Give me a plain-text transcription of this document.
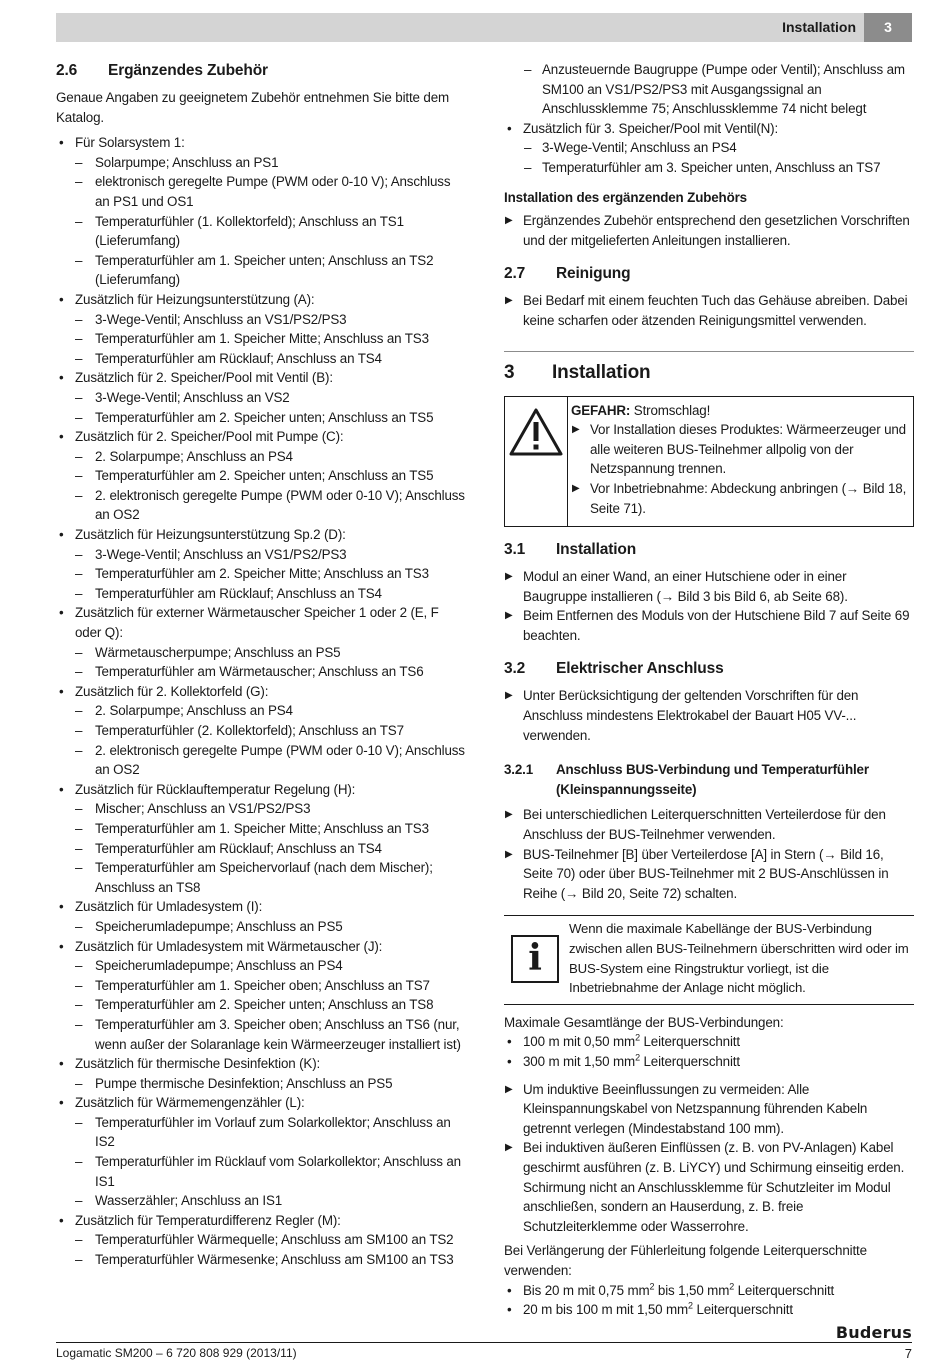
Installation	3
2.6 Ergänzendes Zubehör

Genaue Angaben zu geeignetem Zubehör entnehmen Sie bitte dem Katalog.

• Für Solarsystem 1:
– Solarpumpe; Anschluss an PS1
– elektronisch geregelte Pumpe (PWM oder 0-10 V); Anschluss an PS1 und OS1
– Temperaturfühler (1. Kollektorfeld); Anschluss an TS1 (Lieferumfang)
– Temperaturfühler am 1. Speicher unten; Anschluss an TS2 (Lieferumfang)
• Zusätzlich für Heizungsunterstützung (A):
– 3-Wege-Ventil; Anschluss an VS1/PS2/PS3
– Temperaturfühler am 1. Speicher Mitte; Anschluss an TS3
– Temperaturfühler am Rücklauf; Anschluss an TS4
• Zusätzlich für 2. Speicher/Pool mit Ventil (B):
– 3-Wege-Ventil; Anschluss an VS2
– Temperaturfühler am 2. Speicher unten; Anschluss an TS5
• Zusätzlich für 2. Speicher/Pool mit Pumpe (C):
– 2. Solarpumpe; Anschluss an PS4
– Temperaturfühler am 2. Speicher unten; Anschluss an TS5
– 2. elektronisch geregelte Pumpe (PWM oder 0-10 V); Anschluss an OS2
• Zusätzlich für Heizungsunterstützung Sp.2 (D):
– 3-Wege-Ventil; Anschluss an VS1/PS2/PS3
– Temperaturfühler am 2. Speicher Mitte; Anschluss an TS3
– Temperaturfühler am Rücklauf; Anschluss an TS4
• Zusätzlich für externer Wärmetauscher Speicher 1 oder 2 (E, F oder Q):
– Wärmetauscherpumpe; Anschluss an PS5
– Temperaturfühler am Wärmetauscher; Anschluss an TS6
• Zusätzlich für 2. Kollektorfeld (G):
– 2. Solarpumpe; Anschluss an PS4
– Temperaturfühler (2. Kollektorfeld); Anschluss an TS7
– 2. elektronisch geregelte Pumpe (PWM oder 0-10 V); Anschluss an OS2
• Zusätzlich für Rücklauftemperatur Regelung (H):
– Mischer; Anschluss an VS1/PS2/PS3
– Temperaturfühler am 1. Speicher Mitte; Anschluss an TS3
– Temperaturfühler am Rücklauf; Anschluss an TS4
– Temperaturfühler am Speichervorlauf (nach dem Mischer); Anschluss an TS8
• Zusätzlich für Umladesystem (I):
– Speicherumladepumpe; Anschluss an PS5
• Zusätzlich für Umladesystem mit Wärmetauscher (J):
– Speicherumladepumpe; Anschluss an PS4
– Temperaturfühler am 1. Speicher oben; Anschluss an TS7
– Temperaturfühler am 2. Speicher unten; Anschluss an TS8
– Temperaturfühler am 3. Speicher oben; Anschluss an TS6 (nur, wenn außer der Solaranlage kein Wärmeerzeuger installiert ist)
• Zusätzlich für thermische Desinfektion (K):
– Pumpe thermische Desinfektion; Anschluss an PS5
• Zusätzlich für Wärmemengenzähler (L):
– Temperaturfühler im Vorlauf zum Solarkollektor; Anschluss an IS2
– Temperaturfühler im Rücklauf vom Solarkollektor; Anschluss an IS1
– Wasserzähler; Anschluss an IS1
• Zusätzlich für Temperaturdifferenz Regler (M):
– Temperaturfühler Wärmequelle; Anschluss am SM100 an TS2
– Temperaturfühler Wärmesenke; Anschluss am SM100 an TS3
– Anzusteuernde Baugruppe (Pumpe oder Ventil); Anschluss am SM100 an VS1/PS2/PS3 mit Ausgangssignal an Anschlussklemme 75; Anschlussklemme 74 nicht belegt
• Zusätzlich für 3. Speicher/Pool mit Ventil(N):
– 3-Wege-Ventil; Anschluss an PS4
– Temperaturfühler am 3. Speicher unten, Anschluss an TS7

Installation des ergänzenden Zubehörs

▶ Ergänzendes Zubehör entsprechend den gesetzlichen Vorschriften und der mitgelieferten Anleitungen installieren.
2.7 Reinigung
▶ Bei Bedarf mit einem feuchten Tuch das Gehäuse abreiben. Dabei keine scharfen oder ätzenden Reinigungsmittel verwenden.
3 Installation

GEFAHR: Stromschlag!

▶ Vor Installation dieses Produktes: Wärmeerzeuger und alle weiteren BUS-Teilnehmer allpolig von der Netzspannung trennen.
▶ Vor Inbetriebnahme: Abdeckung anbringen (→ Bild 18, Seite 71).
3.1 Installation
▶ Modul an einer Wand, an einer Hutschiene oder in einer Baugruppe installieren (→ Bild 3 bis Bild 6, ab Seite 68).
▶ Beim Entfernen des Moduls von der Hutschiene Bild 7 auf Seite 69 beachten.
3.2 Elektrischer Anschluss
▶ Unter Berücksichtigung der geltenden Vorschriften für den Anschluss mindestens Elektrokabel der Bauart H05 VV-... verwenden.
3.2.1	Anschluss BUS-Verbindung und Temperaturfühler (Kleinspannungsseite)
▶ Bei unterschiedlichen Leiterquerschnitten Verteilerdose für den Anschluss der BUS-Teilnehmer verwenden.
▶ BUS-Teilnehmer [B] über Verteilerdose [A] in Stern (→ Bild 16, Seite 70) oder über BUS-Teilnehmer mit 2 BUS-Anschlüssen in Reihe (→ Bild 20, Seite 72) schalten.
i
Wenn die maximale Kabellänge der BUS-Verbindung zwischen allen BUS-Teilnehmern überschritten wird oder im BUS-System eine Ringstruktur vorliegt, ist die Inbetriebnahme der Anlage nicht möglich.

Maximale Gesamtlänge der BUS-Verbindungen:

• 100 m mit 0,50 $mm^2$ Leiterquerschnitt
• 300 m mit 1,50 $mm^2$ Leiterquerschnitt
▶ Um induktive Beeinflussungen zu vermeiden: Alle Kleinspannungskabel von Netzspannung führenden Kabeln getrennt verlegen (Mindestabstand 100 mm).
▶ Bei induktiven äußeren Einflüssen (z. B. von PV-Anlagen) Kabel geschirmt ausführen (z. B. LiYCY) und Schirmung einseitig erden. Schirmung nicht an Anschlussklemme für Schutzleiter im Modul anschließen, sondern an Hauserdung, z. B. freie Schutzleiterklemme oder Wasserrohre.

Bei Verlängerung der Fühlerleitung folgende Leiterquerschnitte verwenden:

• Bis 20 m mit 0,75 $mm^2$ bis 1,50 $mm^2$ Leiterquerschnitt
• 20 m bis 100 m mit 1,50 $mm^2$ Leiterquerschnitt
Buderus
Logamatic SM200 – 6 720 808 929 (2013/11)	7
